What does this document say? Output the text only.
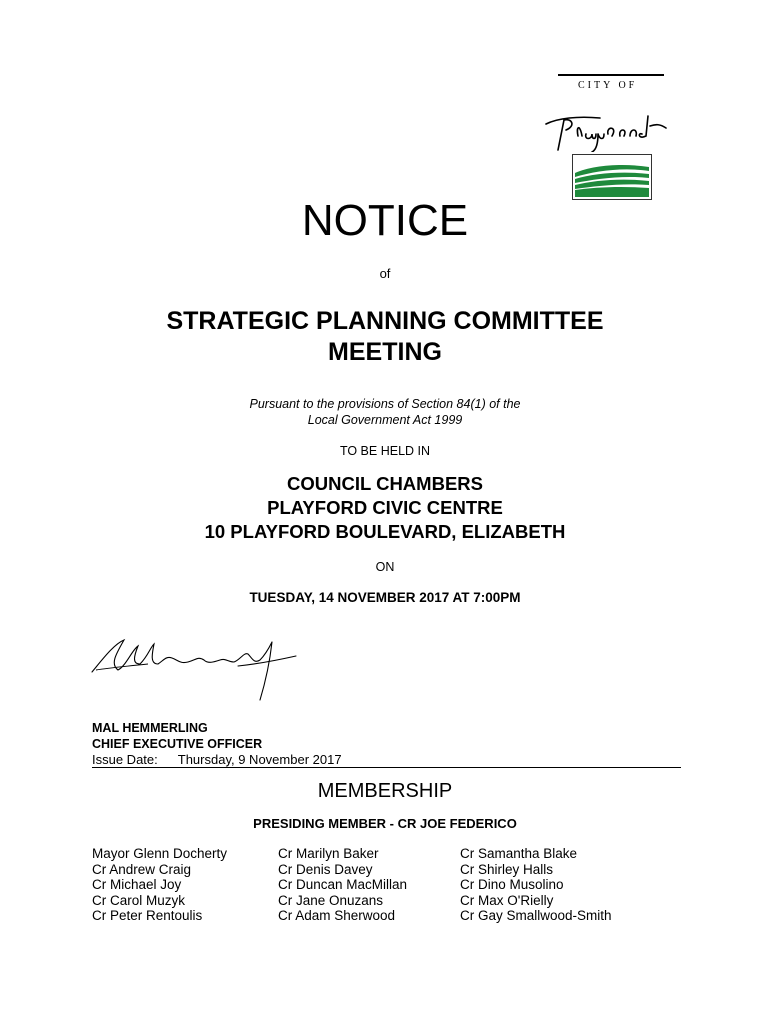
CITY OF
NOTICE
of
STRATEGIC PLANNING COMMITTEE
MEETING
Pursuant to the provisions of Section 84(1) of the
Local Government Act 1999
TO BE HELD IN
COUNCIL CHAMBERS
PLAYFORD CIVIC CENTRE
10 PLAYFORD BOULEVARD, ELIZABETH
ON
TUESDAY, 14 NOVEMBER 2017 AT 7:00PM
MAL HEMMERLING
CHIEF EXECUTIVE OFFICER
Issue Date: Thursday, 9 November 2017
MEMBERSHIP
PRESIDING MEMBER - CR JOE FEDERICO
Mayor Glenn Docherty
Cr Andrew Craig
Cr Michael Joy
Cr Carol Muzyk
Cr Peter Rentoulis
Cr Marilyn Baker
Cr Denis Davey
Cr Duncan MacMillan
Cr Jane Onuzans
Cr Adam Sherwood
Cr Samantha Blake
Cr Shirley Halls
Cr Dino Musolino
Cr Max O'Rielly
Cr Gay Smallwood-Smith
